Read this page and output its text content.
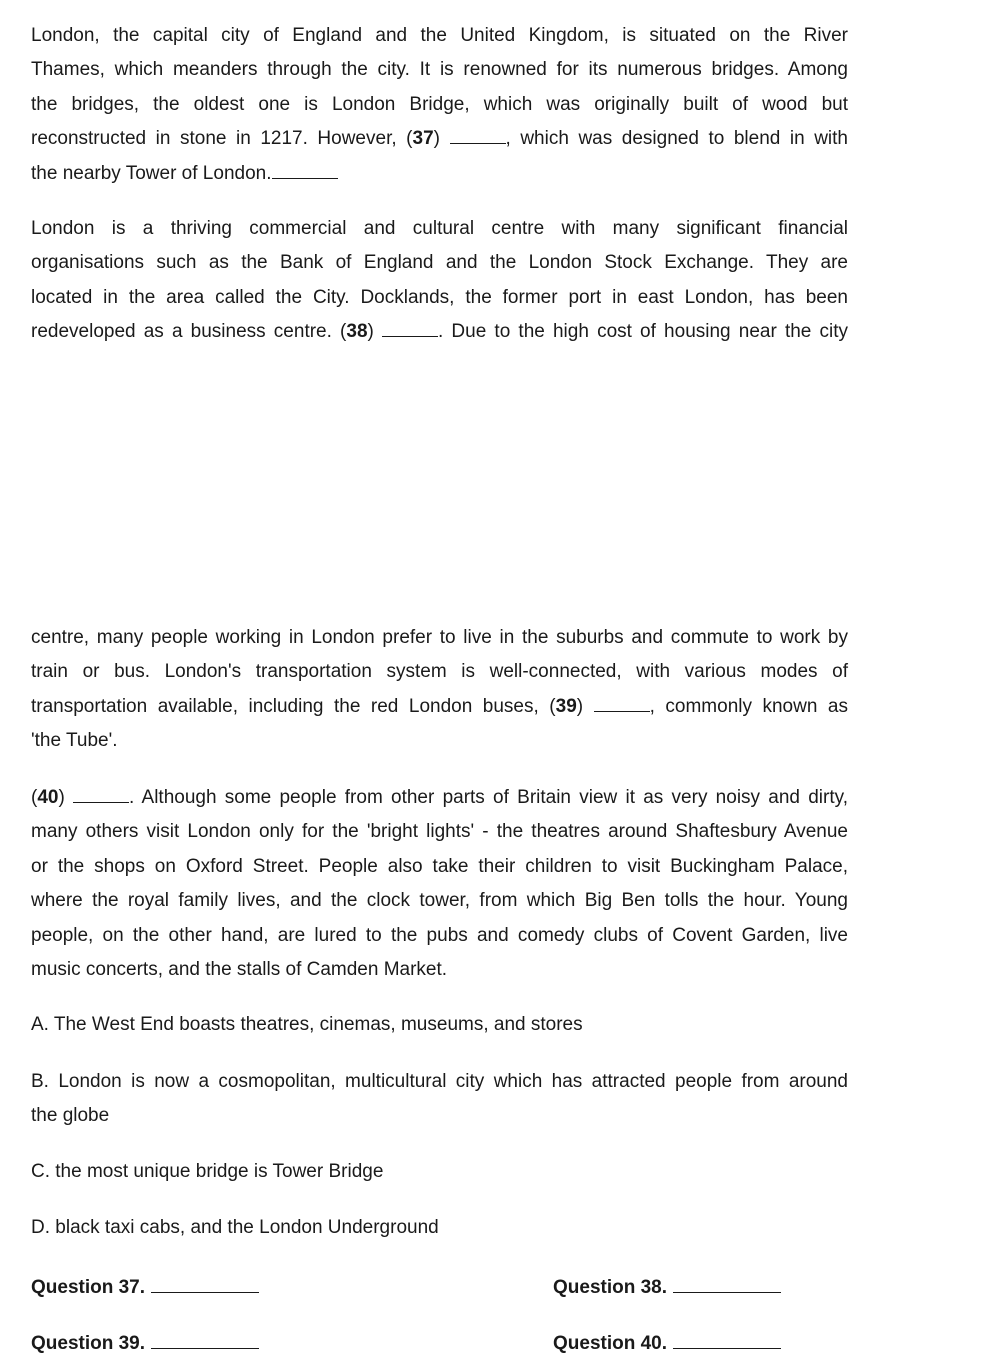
London, the capital city of England and the United Kingdom, is situated on the River
Thames, which meanders through the city. It is renowned for its numerous bridges. Among
the bridges, the oldest one is London Bridge, which was originally built of wood but
reconstructed in stone in 1217. However, (37)	, which was designed to blend in with
the nearby Tower of London.
London is a thriving commercial and cultural centre with many significant financial
organisations such as the Bank of England and the London Stock Exchange. They are
located in the area called the City. Docklands, the former port in east London, has been
redeveloped as a business centre. (38)	. Due to the high cost of housing near the city
centre, many people working in London prefer to live in the suburbs and commute to work by
train or bus. London's transportation system is well-connected, with various modes of
transportation available, including the red London buses, (39)	, commonly known as
'the Tube'.
(40)	. Although some people from other parts of Britain view it as very noisy and dirty,
many others visit London only for the 'bright lights' - the theatres around Shaftesbury Avenue
or the shops on Oxford Street. People also take their children to visit Buckingham Palace,
where the royal family lives, and the clock tower, from which Big Ben tolls the hour. Young
people, on the other hand, are lured to the pubs and comedy clubs of Covent Garden, live
music concerts, and the stalls of Camden Market.
A. The West End boasts theatres, cinemas, museums, and stores
B. London is now a cosmopolitan, multicultural city which has attracted people from around
the globe
C. the most unique bridge is Tower Bridge
D. black taxi cabs, and the London Underground
Question 37.	Question 38.
Question 39.	Question 40.
